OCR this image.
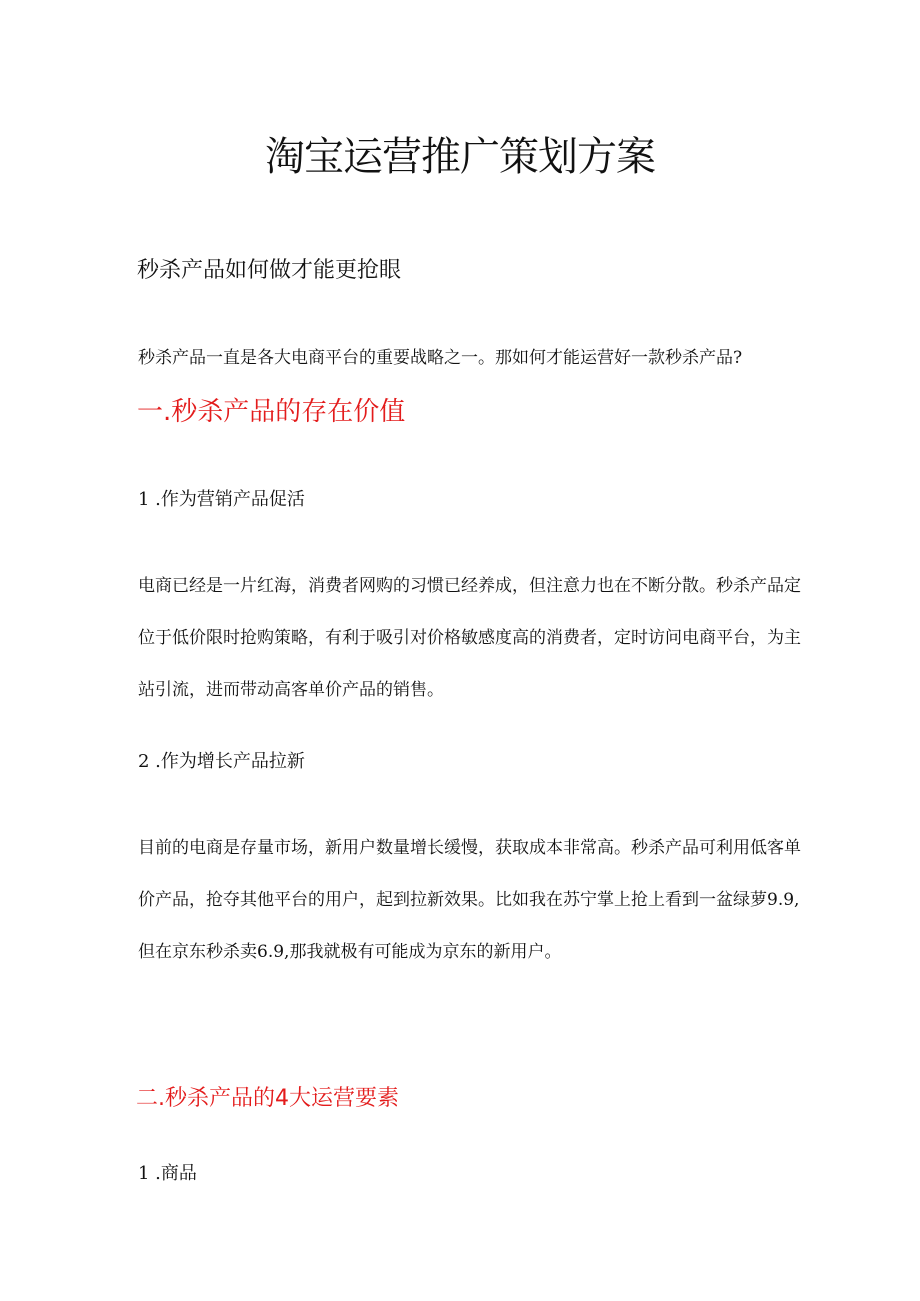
淘宝运营推广策划方案
秒杀产品如何做才能更抢眼
秒杀产品一直是各大电商平台的重要战略之一。那如何才能运营好一款秒杀产品?
一.秒杀产品的存在价值
1 .作为营销产品促活
电商已经是一片红海，消费者网购的习惯已经养成，但注意力也在不断分散。秒杀产品定
位于低价限时抢购策略，有利于吸引对价格敏感度高的消费者，定时访问电商平台，为主
站引流，进而带动高客单价产品的销售。
2 .作为增长产品拉新
目前的电商是存量市场，新用户数量增长缓慢，获取成本非常高。秒杀产品可利用低客单
价产品，抢夺其他平台的用户，起到拉新效果。比如我在苏宁掌上抢上看到一盆绿萝9.9,
但在京东秒杀卖6.9,那我就极有可能成为京东的新用户。
二.秒杀产品的4大运营要素
1 .商品
